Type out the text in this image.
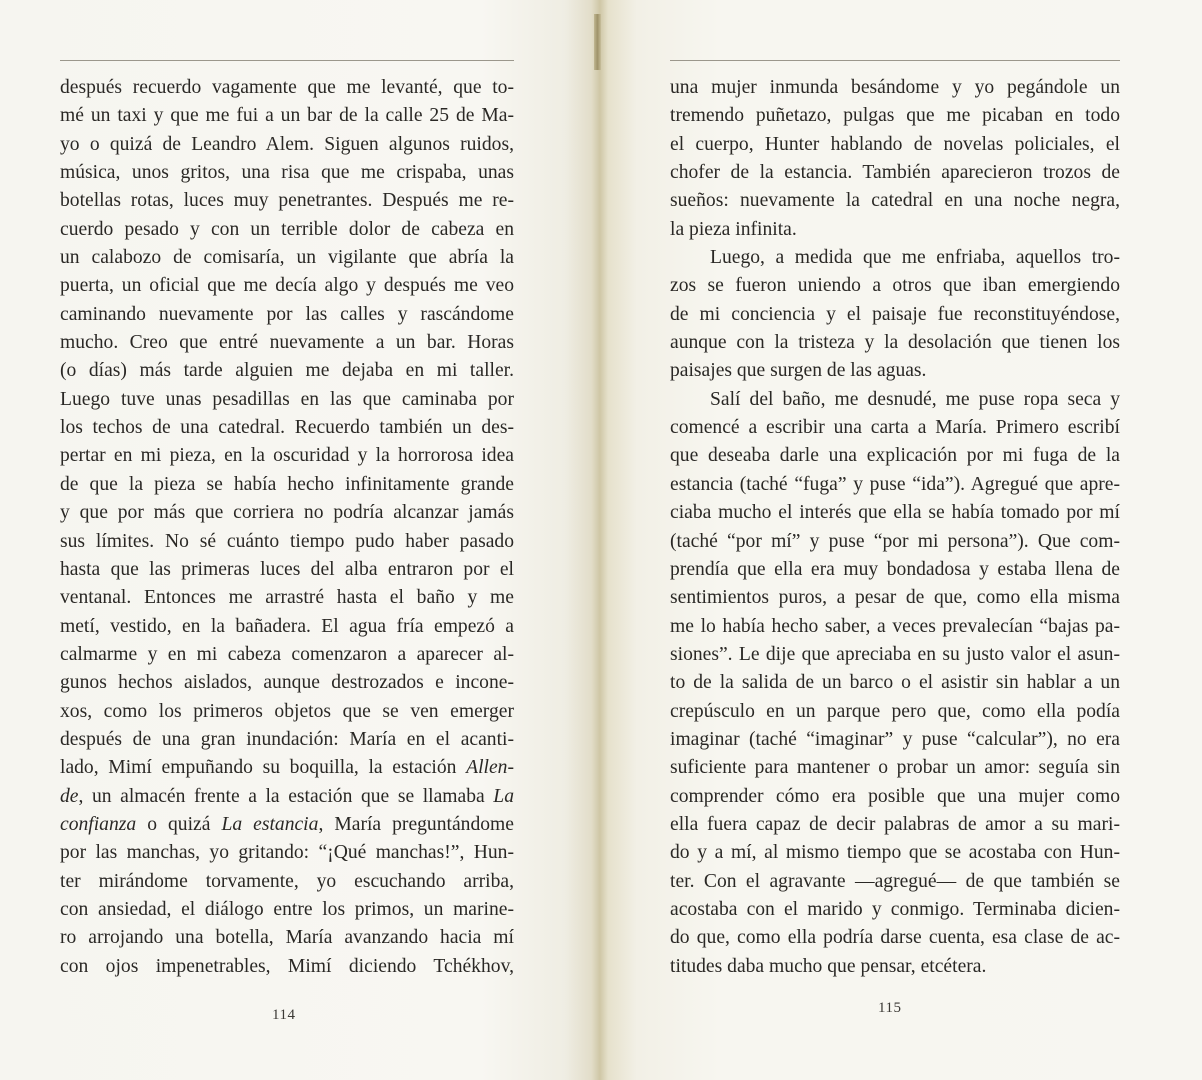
después recuerdo vagamente que me levanté, que to-
mé un taxi y que me fui a un bar de la calle 25 de Ma-
yo o quizá de Leandro Alem. Siguen algunos ruidos,
música, unos gritos, una risa que me crispaba, unas
botellas rotas, luces muy penetrantes. Después me re-
cuerdo pesado y con un terrible dolor de cabeza en
un calabozo de comisaría, un vigilante que abría la
puerta, un oficial que me decía algo y después me veo
caminando nuevamente por las calles y rascándome
mucho. Creo que entré nuevamente a un bar. Horas
(o días) más tarde alguien me dejaba en mi taller.
Luego tuve unas pesadillas en las que caminaba por
los techos de una catedral. Recuerdo también un des-
pertar en mi pieza, en la oscuridad y la horrorosa idea
de que la pieza se había hecho infinitamente grande
y que por más que corriera no podría alcanzar jamás
sus límites. No sé cuánto tiempo pudo haber pasado
hasta que las primeras luces del alba entraron por el
ventanal. Entonces me arrastré hasta el baño y me
metí, vestido, en la bañadera. El agua fría empezó a
calmarme y en mi cabeza comenzaron a aparecer al-
gunos hechos aislados, aunque destrozados e incone-
xos, como los primeros objetos que se ven emerger
después de una gran inundación: María en el acanti-
lado, Mimí empuñando su boquilla, la estación Allen-
de, un almacén frente a la estación que se llamaba La
confianza o quizá La estancia, María preguntándome
por las manchas, yo gritando: “¡Qué manchas!”, Hun-
ter mirándome torvamente, yo escuchando arriba,
con ansiedad, el diálogo entre los primos, un marine-
ro arrojando una botella, María avanzando hacia mí
con ojos impenetrables, Mimí diciendo Tchékhov,
114
una mujer inmunda besándome y yo pegándole un
tremendo puñetazo, pulgas que me picaban en todo
el cuerpo, Hunter hablando de novelas policiales, el
chofer de la estancia. También aparecieron trozos de
sueños: nuevamente la catedral en una noche negra,
la pieza infinita.
Luego, a medida que me enfriaba, aquellos tro-
zos se fueron uniendo a otros que iban emergiendo
de mi conciencia y el paisaje fue reconstituyéndose,
aunque con la tristeza y la desolación que tienen los
paisajes que surgen de las aguas.
Salí del baño, me desnudé, me puse ropa seca y
comencé a escribir una carta a María. Primero escribí
que deseaba darle una explicación por mi fuga de la
estancia (taché “fuga” y puse “ida”). Agregué que apre-
ciaba mucho el interés que ella se había tomado por mí
(taché “por mí” y puse “por mi persona”). Que com-
prendía que ella era muy bondadosa y estaba llena de
sentimientos puros, a pesar de que, como ella misma
me lo había hecho saber, a veces prevalecían “bajas pa-
siones”. Le dije que apreciaba en su justo valor el asun-
to de la salida de un barco o el asistir sin hablar a un
crepúsculo en un parque pero que, como ella podía
imaginar (taché “imaginar” y puse “calcular”), no era
suficiente para mantener o probar un amor: seguía sin
comprender cómo era posible que una mujer como
ella fuera capaz de decir palabras de amor a su mari-
do y a mí, al mismo tiempo que se acostaba con Hun-
ter. Con el agravante —agregué— de que también se
acostaba con el marido y conmigo. Terminaba dicien-
do que, como ella podría darse cuenta, esa clase de ac-
titudes daba mucho que pensar, etcétera.
115
